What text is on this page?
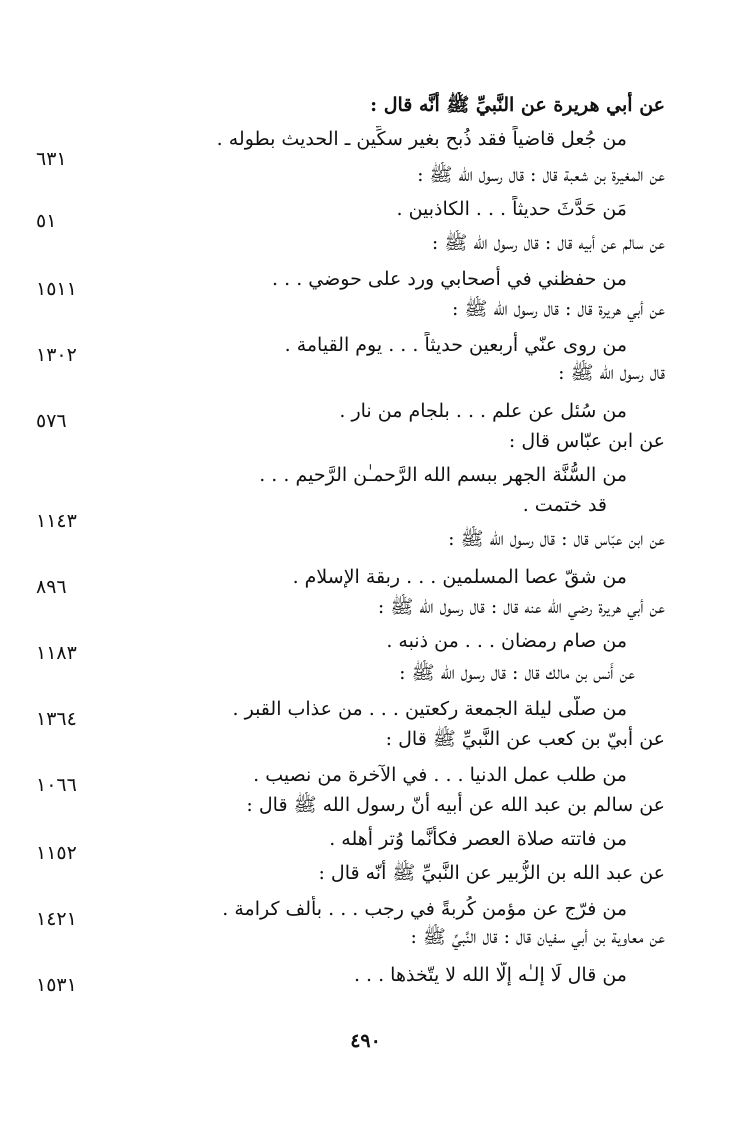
عن أبي هريرة عن النَّبيِّ ﷺ أنَّه قال :
من جُعل قاضياً فقد ذُبح بغير سكِّين ـ الحديث بطوله .
٦٣١
عن المغيرة بن شعبة قال : قال رسول الله ﷺ :
مَن حَدَّثَ حديثاً . . . الكاذبين .
٥١
عن سالم عن أبيه قال : قال رسول الله ﷺ :
من حفظني في أصحابي ورد على حوضي . . .
١٥١١
عن أبي هريرة قال : قال رسول الله ﷺ :
من روى عنّي أربعين حديثاً . . . يوم القيامة .
١٣٠٢
قال رسول الله ﷺ :
من سُئل عن علم . . . بلجام من نار .
٥٧٦
عن ابن عبّاس قال :
من السُّنَّة الجهر ببسم الله الرَّحمـٰن الرَّحيم . . .
قد ختمت .
١١٤٣
عن ابن عبّاس قال : قال رسول الله ﷺ :
من شقّ عصا المسلمين . . . ربقة الإسلام .
٨٩٦
عن أبي هريرة رضي الله عنه قال : قال رسول الله ﷺ :
من صام رمضان . . . من ذنبه .
١١٨٣
عن أَنس بن مالك قال : قال رسول الله ﷺ :
من صلّى ليلة الجمعة ركعتين . . . من عذاب القبر .
١٣٦٤
عن أُبيّ بن كعب عن النَّبيِّ ﷺ قال :
من طلب عمل الدنيا . . . في الآخرة من نصيب .
١٠٦٦
عن سالم بن عبد الله عن أبيه أنّ رسول الله ﷺ قال :
من فاتته صلاة العصر فكأنَّما وُتر أهله .
١١٥٢
عن عبد الله بن الزُّبير عن النَّبيِّ ﷺ أنّه قال :
من فرّج عن مؤمن كُربةً في رجب . . . بألف كرامة .
١٤٢١
عن معاوية بن أبي سفيان قال : قال النَّبيِّ ﷺ :
من قال لَا إلـٰه إلّا الله لا يتّخذها . . .
١٥٣١
٤٩٠
